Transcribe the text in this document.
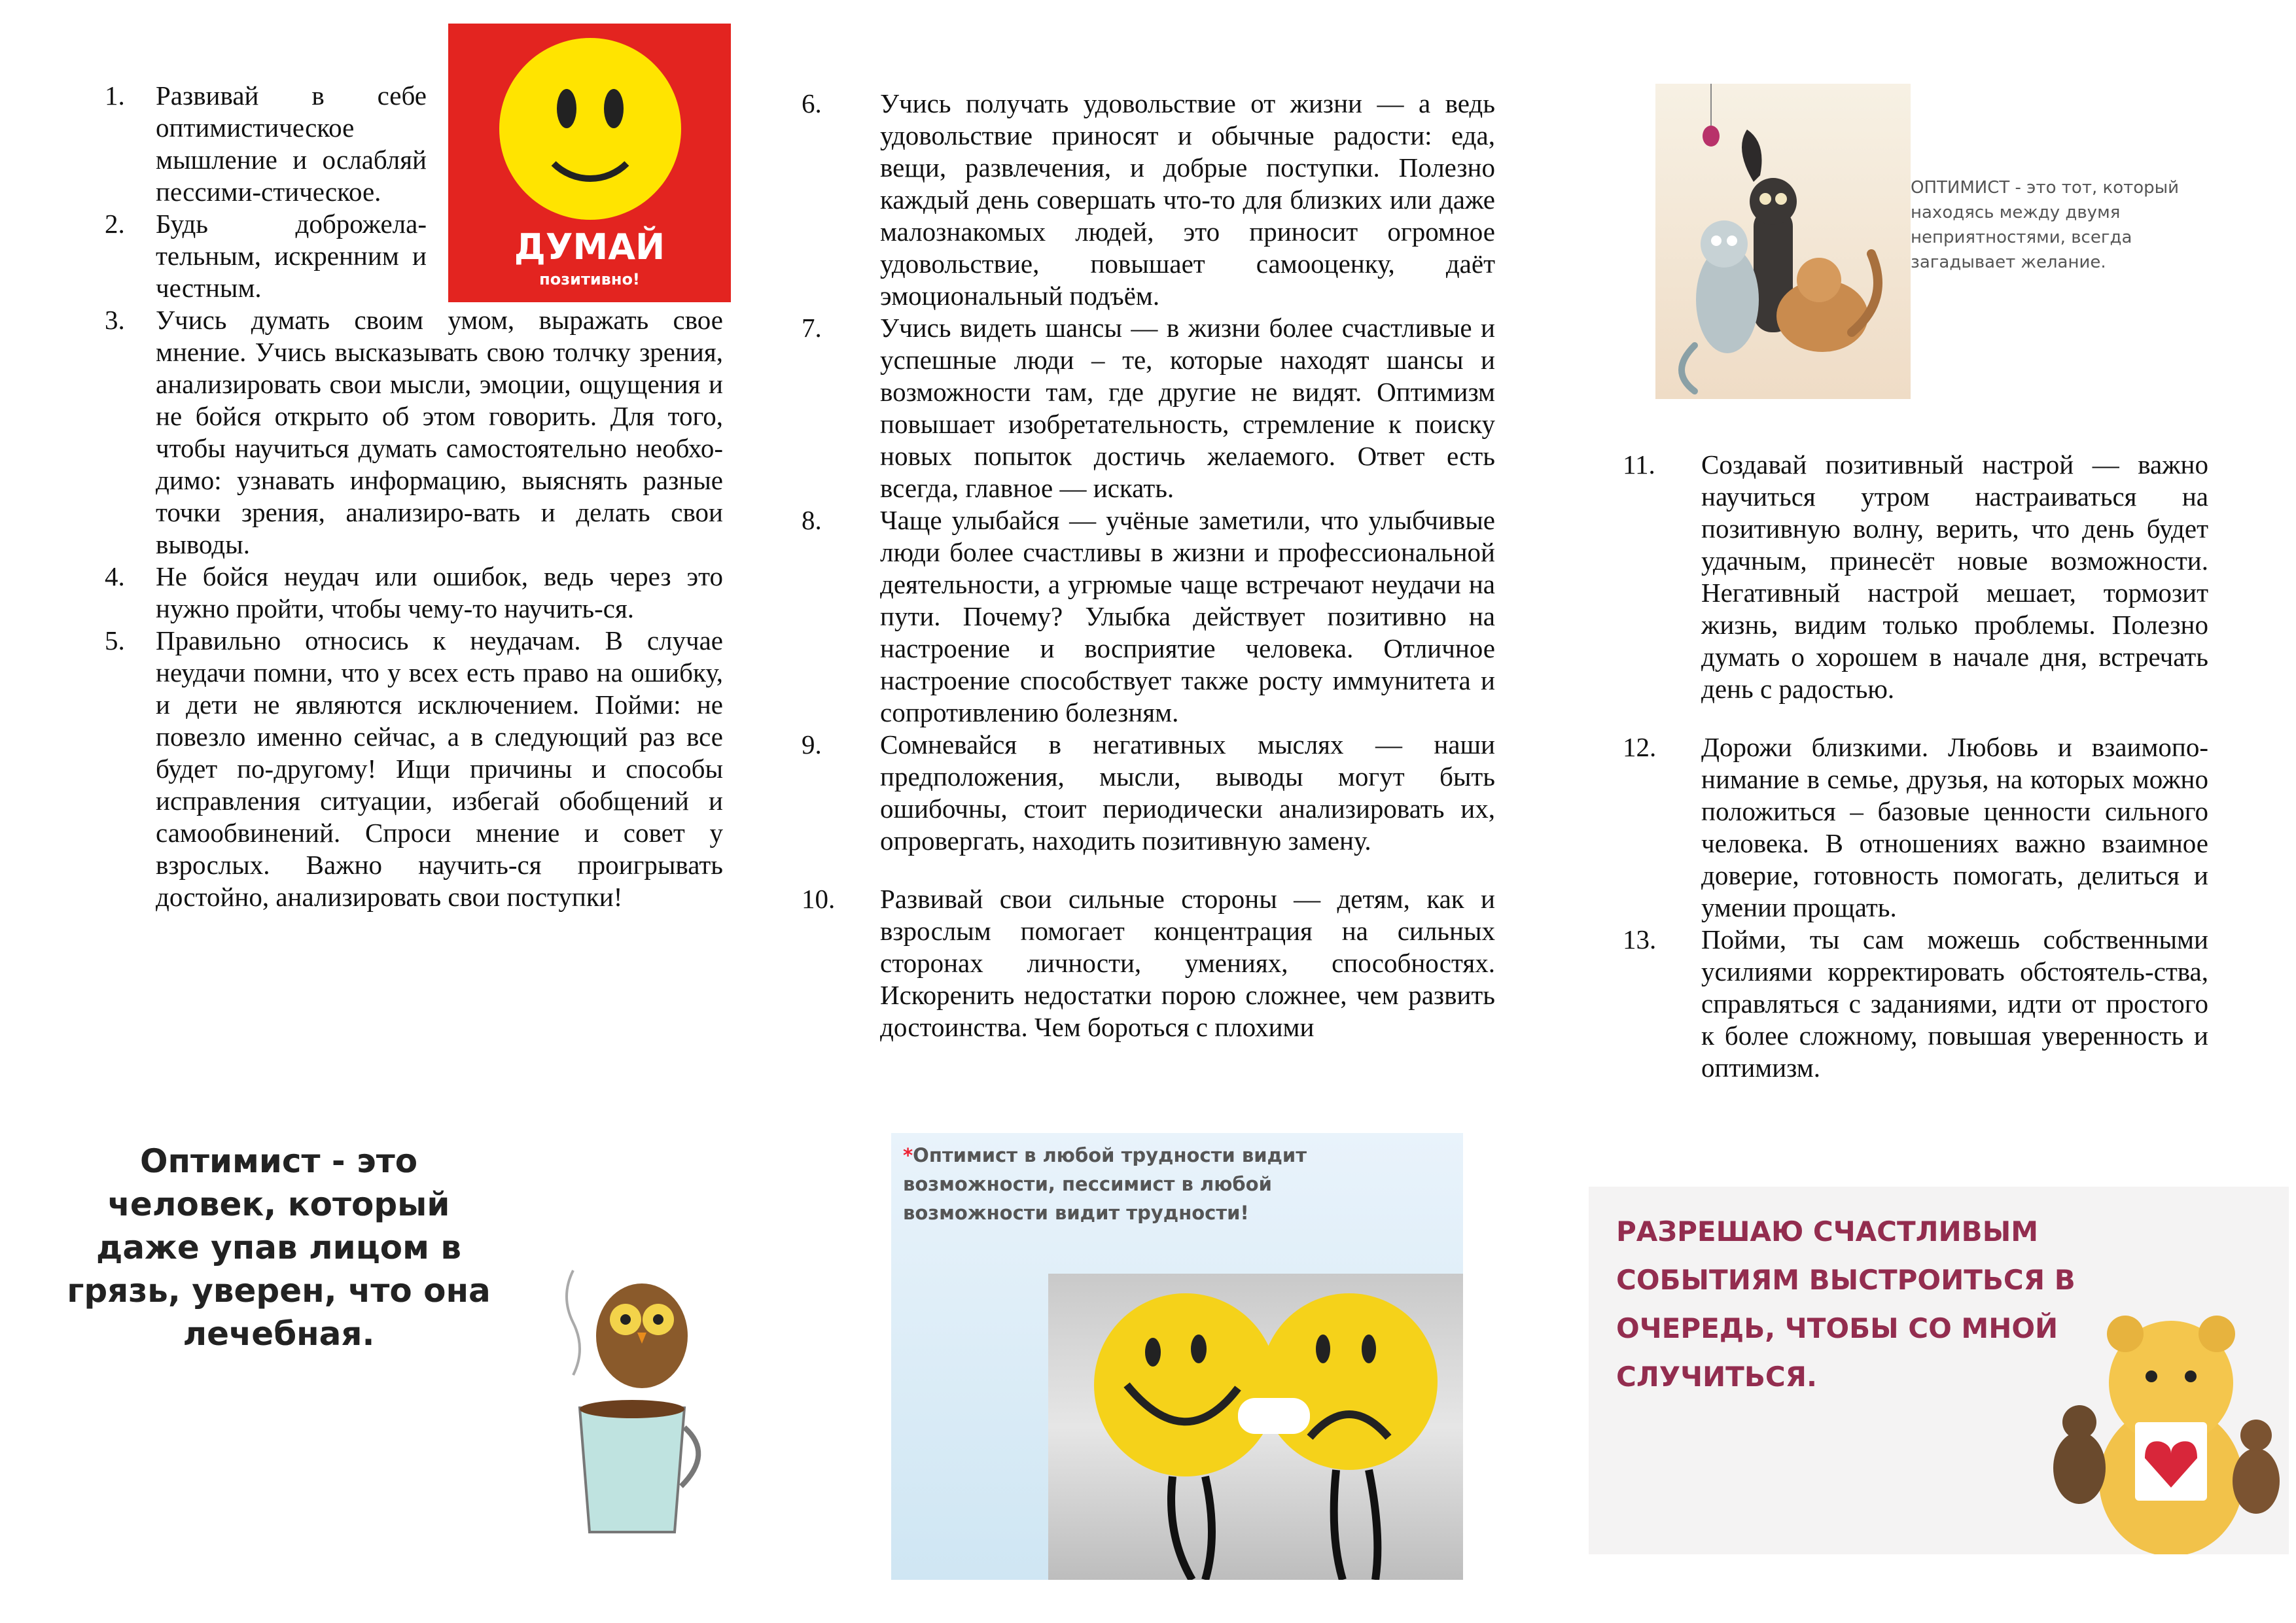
1. Развивай в себе оптимистическое мышление и ослабляй пессими-стическое.
2. Будь доброжела-тельным, искренним и честным.
3. Учись думать своим умом, выражать свое мнение. Учись высказывать свою толчку зрения, анализировать свои мысли, эмоции, ощущения и не бойся открыто об этом говорить. Для того, чтобы научиться думать самостоятельно необхо-димо: узнавать информацию, выяснять разные точки зрения, анализиро-вать и делать свои выводы.
4. Не бойся неудач или ошибок, ведь через это нужно пройти, чтобы чему-то научить-ся.
5. Правильно относись к неудачам. В случае неудачи помни, что у всех есть право на ошибку, и дети не являются исключением. Пойми: не повезло именно сейчас, а в следующий раз все будет по-другому! Ищи причины и способы исправления ситуации, избегай обобщений и самообвинений. Спроси мнение и совет у взрослых. Важно научить-ся проигрывать достойно, анализировать свои поступки!
6. Учись получать удовольствие от жизни — а ведь удовольствие приносят и обычные радости: еда, вещи, развлечения, и добрые поступки. Полезно каждый день совершать что-то для близких или даже малознакомых людей, это приносит огромное удовольствие, повышает самооценку, даёт эмоциональный подъём.
7. Учись видеть шансы — в жизни более счастливые и успешные люди – те, которые находят шансы и возможности там, где другие не видят. Оптимизм повышает изобретательность, стремление к поиску новых попыток достичь желаемого. Ответ есть всегда, главное — искать.
8. Чаще улыбайся — учёные заметили, что улыбчивые люди более счастливы в жизни и профессиональной деятельности, а угрюмые чаще встречают неудачи на пути. Почему? Улыбка действует позитивно на настроение и восприятие человека. Отличное настроение способствует также росту иммунитета и сопротивлению болезням.
9. Сомневайся в негативных мыслях — наши предположения, мысли, выводы могут быть ошибочны, стоит периодически анализировать их, опровергать, находить позитивную замену.
10. Развивай свои сильные стороны — детям, как и взрослым помогает концентрация на сильных сторонах личности, умениях, способностях. Искоренить недостатки порою сложнее, чем развить достоинства. Чем бороться с плохими
11. Создавай позитивный настрой — важно научиться утром настраиваться на позитивную волну, верить, что день будет удачным, принесёт новые возможности. Негативный настрой мешает, тормозит жизнь, видим только проблемы. Полезно думать о хорошем в начале дня, встречать день с радостью.
12. Дорожи близкими. Любовь и взаимопо-нимание в семье, друзья, на которых можно положиться – базовые ценности сильного человека. В отношениях важно взаимное доверие, готовность помогать, делиться и умении прощать.
13. Пойми, ты сам можешь собственными усилиями корректировать обстоятель-ства, справляться с заданиями, идти от простого к более сложному, повышая уверенность и оптимизм.
ДУМАЙ
позитивно!
ОПТИМИСТ - это тот, который находясь между двумя неприятностями, всегда загадывает желание.
Оптимист - это человек, который даже упав лицом в грязь, уверен, что она лечебная.
*Оптимист в любой трудности видит возможности, пессимист в любой возможности видит трудности!
РАЗРЕШАЮ СЧАСТЛИВЫМ СОБЫТИЯМ ВЫСТРОИТЬСЯ В ОЧЕРЕДЬ, ЧТОБЫ СО МНОЙ СЛУЧИТЬСЯ.
